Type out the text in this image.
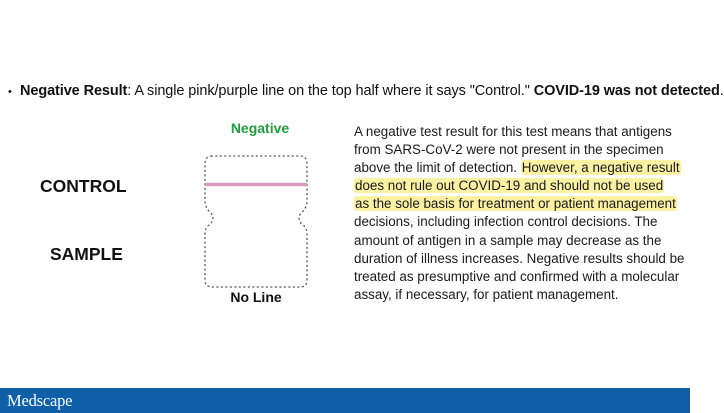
• Negative Result: A single pink/purple line on the top half where it says "Control." COVID-19 was not detected.
Negative
CONTROL
SAMPLE
No Line
A negative test result for this test means that antigens
from SARS-CoV-2 were not present in the specimen
above the limit of detection. However, a negative result
does not rule out COVID-19 and should not be used
as the sole basis for treatment or patient management
decisions, including infection control decisions. The
amount of antigen in a sample may decrease as the
duration of illness increases. Negative results should be
treated as presumptive and confirmed with a molecular
assay, if necessary, for patient management.
Medscape
